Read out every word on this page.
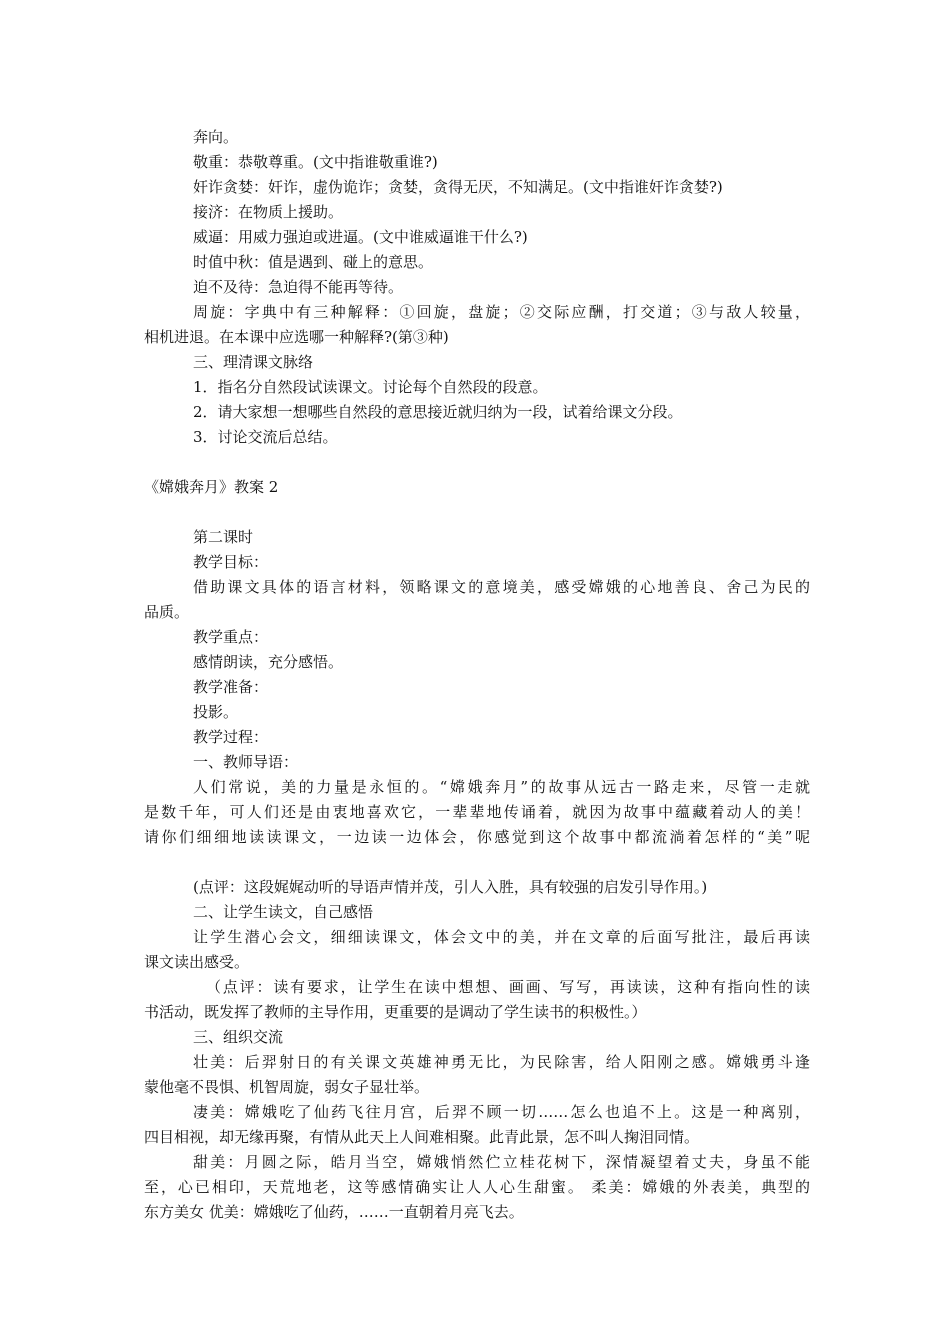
奔向。
敬重：恭敬尊重。(文中指谁敬重谁?)
奸诈贪婪：奸诈，虚伪诡诈；贪婪，贪得无厌，不知满足。(文中指谁奸诈贪婪?)
接济：在物质上援助。
威逼：用威力强迫或进逼。(文中谁威逼谁干什么?)
时值中秋：值是遇到、碰上的意思。
迫不及待：急迫得不能再等待。
周旋：字典中有三种解释：①回旋，盘旋；②交际应酬，打交道；③与敌人较量，
相机进退。在本课中应选哪一种解释?(第③种)
三、理清课文脉络
1．指名分自然段试读课文。讨论每个自然段的段意。
2．请大家想一想哪些自然段的意思接近就归纳为一段，试着给课文分段。
3．讨论交流后总结。
《嫦娥奔月》教案 2
第二课时
教学目标：
借助课文具体的语言材料，领略课文的意境美，感受嫦娥的心地善良、舍己为民的
品质。
教学重点：
感情朗读，充分感悟。
教学准备：
投影。
教学过程：
一、教师导语：
人们常说，美的力量是永恒的。“嫦娥奔月”的故事从远古一路走来，尽管一走就
是数千年，可人们还是由衷地喜欢它，一辈辈地传诵着，就因为故事中蕴藏着动人的美！
请你们细细地读读课文，一边读一边体会，你感觉到这个故事中都流淌着怎样的“美”呢
(点评：这段娓娓动听的导语声情并茂，引人入胜，具有较强的启发引导作用。)
二、让学生读文，自己感悟
让学生潜心会文，细细读课文，体会文中的美，并在文章的后面写批注，最后再读
课文读出感受。
（点评：读有要求，让学生在读中想想、画画、写写，再读读，这种有指向性的读
书活动，既发挥了教师的主导作用，更重要的是调动了学生读书的积极性。）
三、组织交流
壮美：后羿射日的有关课文英雄神勇无比，为民除害，给人阳刚之感。嫦娥勇斗逢
蒙他毫不畏惧、机智周旋，弱女子显壮举。
凄美：嫦娥吃了仙药飞往月宫，后羿不顾一切……怎么也追不上。这是一种离别，
四目相视，却无缘再聚，有情从此天上人间难相聚。此青此景，怎不叫人掬泪同情。
甜美：月圆之际，皓月当空，嫦娥悄然伫立桂花树下，深情凝望着丈夫，身虽不能
至，心已相印，天荒地老，这等感情确实让人人心生甜蜜。 柔美：嫦娥的外表美，典型的
东方美女 优美：嫦娥吃了仙药，……一直朝着月亮飞去。
